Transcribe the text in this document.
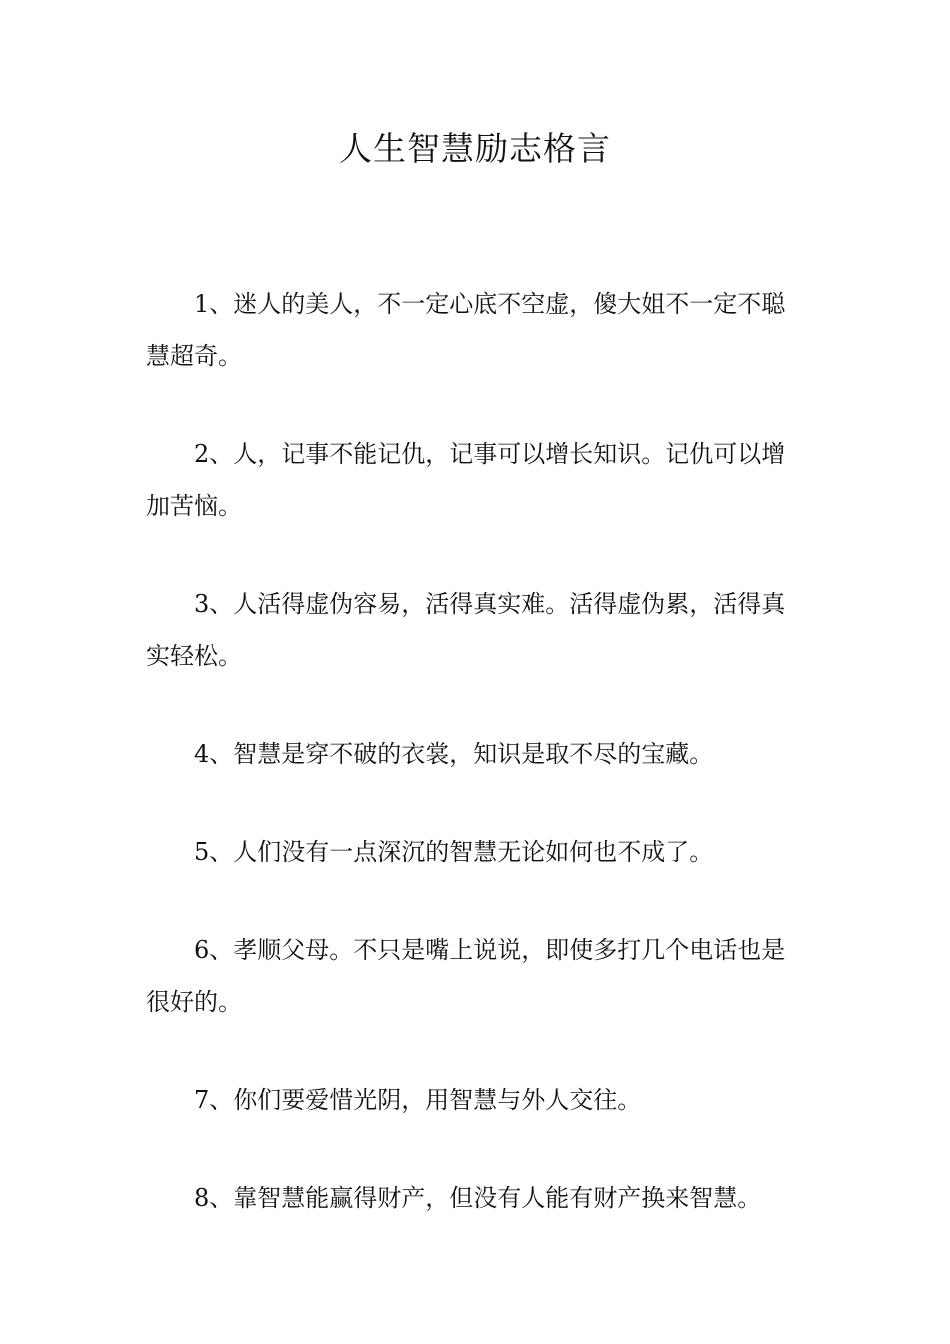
人生智慧励志格言

1、迷人的美人，不一定心底不空虚，傻大姐不一定不聪慧超奇。

2、人，记事不能记仇，记事可以增长知识。记仇可以增加苦恼。

3、人活得虚伪容易，活得真实难。活得虚伪累，活得真实轻松。

4、智慧是穿不破的衣裳，知识是取不尽的宝藏。

5、人们没有一点深沉的智慧无论如何也不成了。

6、孝顺父母。不只是嘴上说说，即使多打几个电话也是很好的。

7、你们要爱惜光阴，用智慧与外人交往。

8、靠智慧能赢得财产，但没有人能有财产换来智慧。
